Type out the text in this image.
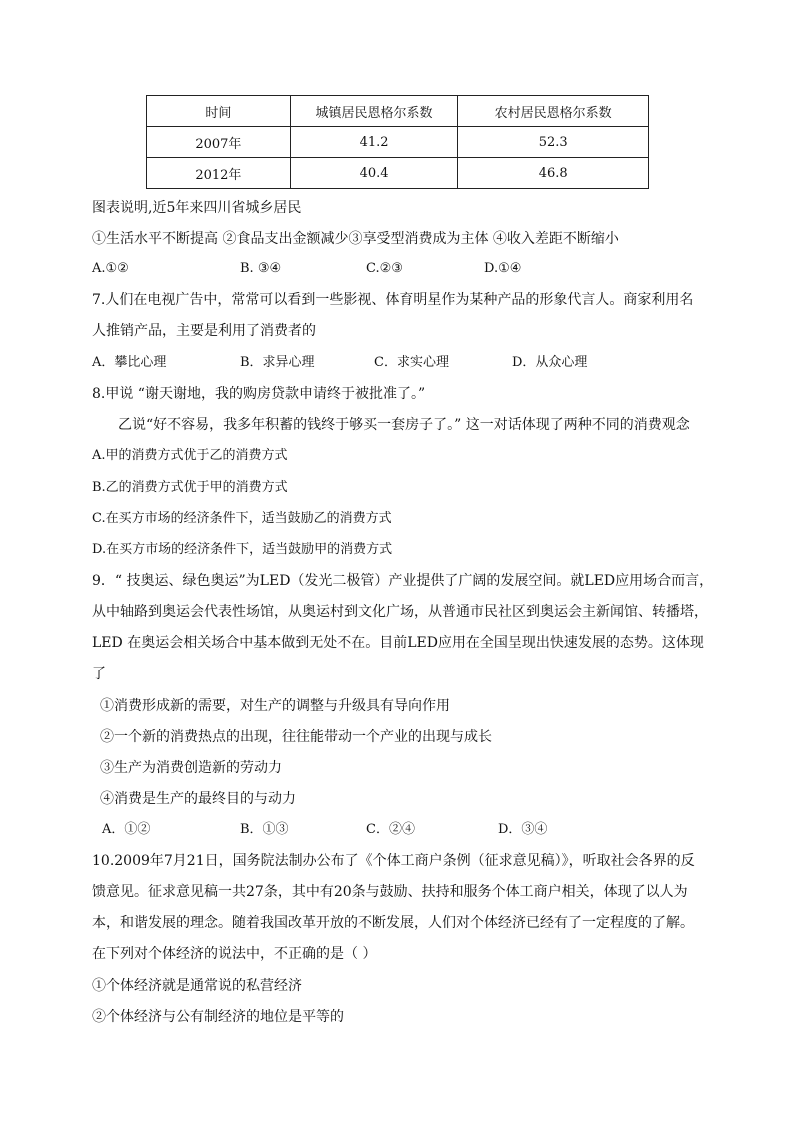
时间	城镇居民恩格尔系数	农村居民恩格尔系数
2007年	41.2	52.3
2012年	40.4	46.8
图表说明,近5年来四川省城乡居民
①生活水平不断提高 ②食品支出金额减少③享受型消费成为主体 ④收入差距不断缩小
A.①②	B. ③④	C.②③	D.①④
7.人们在电视广告中，常常可以看到一些影视、体育明星作为某种产品的形象代言人。商家利用名
人推销产品，主要是利用了消费者的
A．攀比心理	B．求异心理	C．求实心理	D．从众心理
8.甲说 “谢天谢地，我的购房贷款申请终于被批准了。”
乙说“好不容易，我多年积蓄的钱终于够买一套房子了。” 这一对话体现了两种不同的消费观念
A.甲的消费方式优于乙的消费方式
B.乙的消费方式优于甲的消费方式
C.在买方市场的经济条件下，适当鼓励乙的消费方式
D.在买方市场的经济条件下，适当鼓励甲的消费方式
9．“ 技奥运、绿色奥运”为LED（发光二极管）产业提供了广阔的发展空间。就LED应用场合而言，
从中轴路到奥运会代表性场馆，从奥运村到文化广场，从普通市民社区到奥运会主新闻馆、转播塔，
LED 在奥运会相关场合中基本做到无处不在。目前LED应用在全国呈现出快速发展的态势。这体现
了
①消费形成新的需要，对生产的调整与升级具有导向作用
②一个新的消费热点的出现，往往能带动一个产业的出现与成长
③生产为消费创造新的劳动力
④消费是生产的最终目的与动力
A．①②	B．①③	C．②④	D．③④
10.2009年7月21日，国务院法制办公布了《个体工商户条例（征求意见稿）》，听取社会各界的反
馈意见。征求意见稿一共27条，其中有20条与鼓励、扶持和服务个体工商户相关，体现了以人为
本，和谐发展的理念。随着我国改革开放的不断发展，人们对个体经济已经有了一定程度的了解。
在下列对个体经济的说法中，不正确的是（ ）
①个体经济就是通常说的私营经济
②个体经济与公有制经济的地位是平等的
